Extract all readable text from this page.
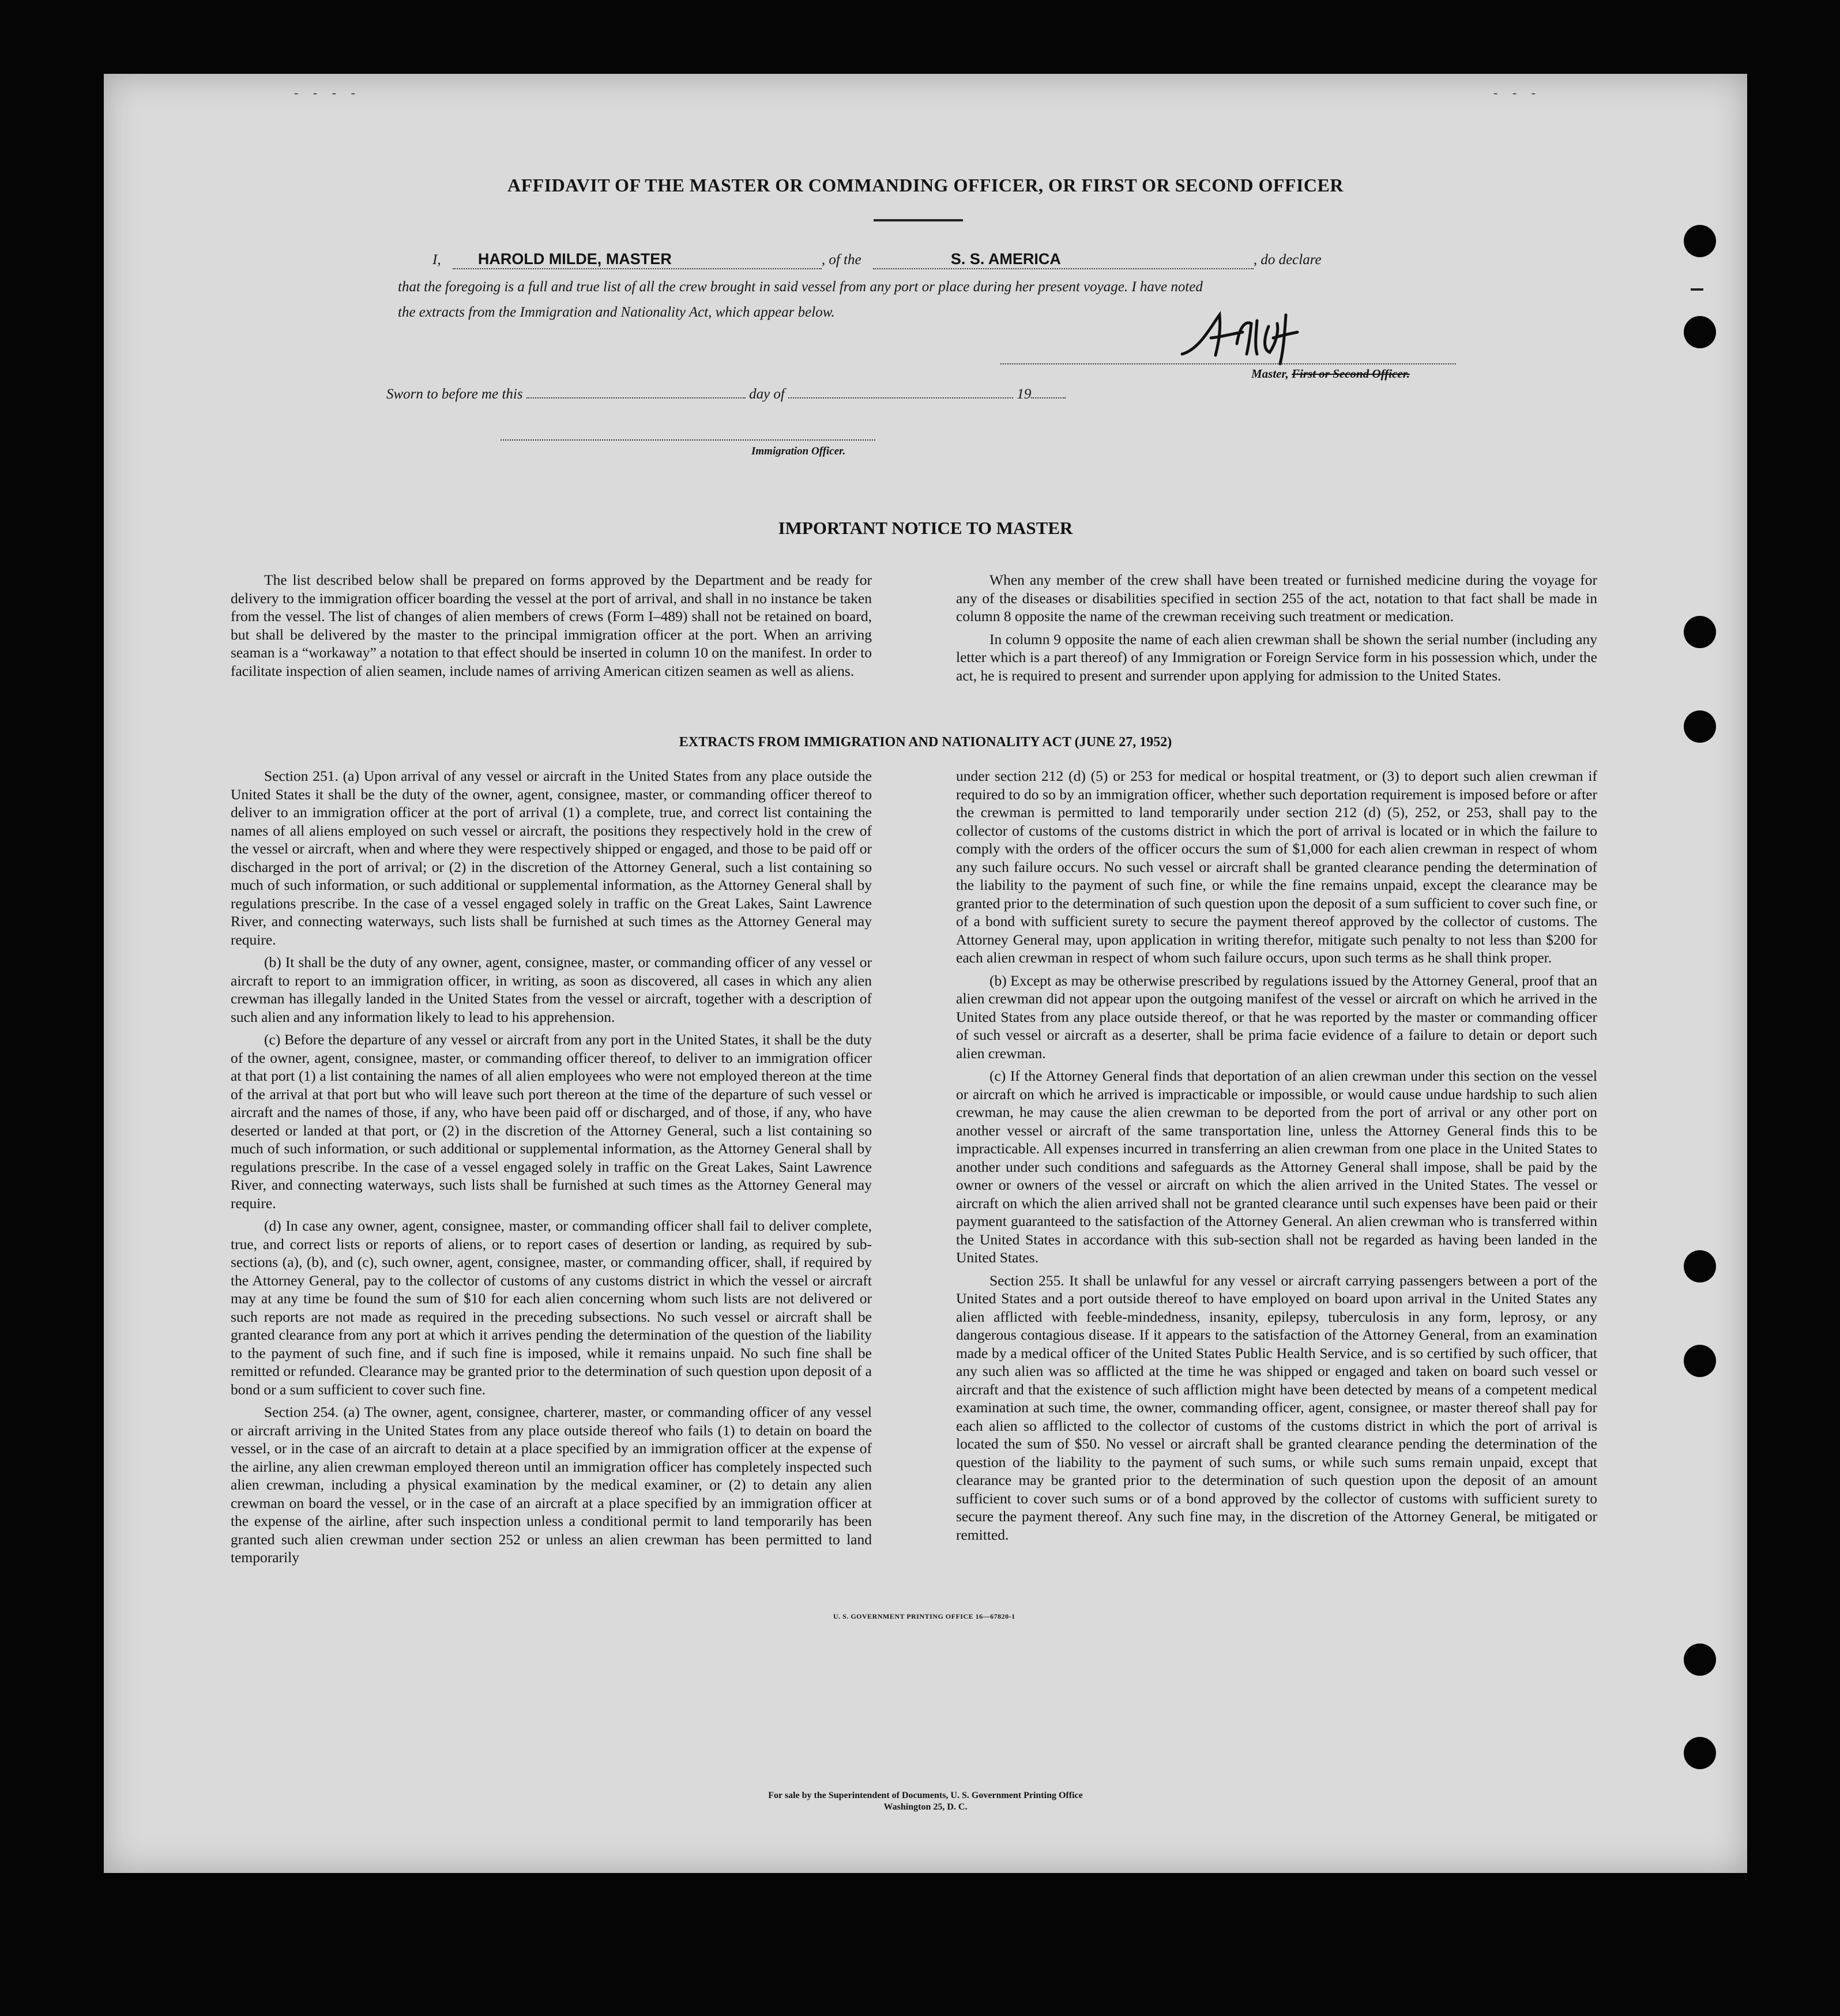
- - - -	- - -
AFFIDAVIT OF THE MASTER OR COMMANDING OFFICER, OR FIRST OR SECOND OFFICER
I, HAROLD MILDE, MASTER	, of the	S. S. AMERICA	, do declare
that the foregoing is a full and true list of all the crew brought in said vessel from any port or place during her present voyage. I have noted
the extracts from the Immigration and Nationality Act, which appear below.
Master, First or Second Officer.
Sworn to before me this	day of	19
Immigration Officer.
IMPORTANT NOTICE TO MASTER

The list described below shall be prepared on forms approved by the Department and be ready for delivery to the immigration officer boarding the vessel at the port of arrival, and shall in no instance be taken from the vessel. The list of changes of alien members of crews (Form I–489) shall not be retained on board, but shall be delivered by the master to the principal immigration officer at the port. When an arriving seaman is a “workaway” a notation to that effect should be inserted in column 10 on the manifest. In order to facilitate inspection of alien seamen, include names of arriving American citizen seamen as well as aliens.

When any member of the crew shall have been treated or furnished medicine during the voyage for any of the diseases or disabilities specified in section 255 of the act, notation to that fact shall be made in column 8 opposite the name of the crewman receiving such treatment or medication.

In column 9 opposite the name of each alien crewman shall be shown the serial number (including any letter which is a part thereof) of any Immigration or Foreign Service form in his possession which, under the act, he is required to present and surrender upon applying for admission to the United States.

EXTRACTS FROM IMMIGRATION AND NATIONALITY ACT (JUNE 27, 1952)

Section 251. (a) Upon arrival of any vessel or aircraft in the United States from any place outside the United States it shall be the duty of the owner, agent, consignee, master, or commanding officer thereof to deliver to an immigration officer at the port of arrival (1) a complete, true, and correct list containing the names of all aliens employed on such vessel or aircraft, the positions they respectively hold in the crew of the vessel or aircraft, when and where they were respectively shipped or engaged, and those to be paid off or discharged in the port of arrival; or (2) in the discretion of the Attorney General, such a list containing so much of such information, or such additional or supplemental information, as the Attorney General shall by regulations prescribe. In the case of a vessel engaged solely in traffic on the Great Lakes, Saint Lawrence River, and connecting waterways, such lists shall be furnished at such times as the Attorney General may require.

(b) It shall be the duty of any owner, agent, consignee, master, or commanding officer of any vessel or aircraft to report to an immigration officer, in writing, as soon as discovered, all cases in which any alien crewman has illegally landed in the United States from the vessel or aircraft, together with a description of such alien and any information likely to lead to his apprehension.

(c) Before the departure of any vessel or aircraft from any port in the United States, it shall be the duty of the owner, agent, consignee, master, or commanding officer thereof, to deliver to an immigration officer at that port (1) a list containing the names of all alien employees who were not employed thereon at the time of the arrival at that port but who will leave such port thereon at the time of the departure of such vessel or aircraft and the names of those, if any, who have been paid off or discharged, and of those, if any, who have deserted or landed at that port, or (2) in the discretion of the Attorney General, such a list containing so much of such information, or such additional or supplemental information, as the Attorney General shall by regulations prescribe. In the case of a vessel engaged solely in traffic on the Great Lakes, Saint Lawrence River, and connecting waterways, such lists shall be furnished at such times as the Attorney General may require.

(d) In case any owner, agent, consignee, master, or commanding officer shall fail to deliver complete, true, and correct lists or reports of aliens, or to report cases of desertion or landing, as required by sub-sections (a), (b), and (c), such owner, agent, consignee, master, or commanding officer, shall, if required by the Attorney General, pay to the collector of customs of any customs district in which the vessel or aircraft may at any time be found the sum of $10 for each alien concerning whom such lists are not delivered or such reports are not made as required in the preceding subsections. No such vessel or aircraft shall be granted clearance from any port at which it arrives pending the determination of the question of the liability to the payment of such fine, and if such fine is imposed, while it remains unpaid. No such fine shall be remitted or refunded. Clearance may be granted prior to the determination of such question upon deposit of a bond or a sum sufficient to cover such fine.

Section 254. (a) The owner, agent, consignee, charterer, master, or commanding officer of any vessel or aircraft arriving in the United States from any place outside thereof who fails (1) to detain on board the vessel, or in the case of an aircraft to detain at a place specified by an immigration officer at the expense of the airline, any alien crewman employed thereon until an immigration officer has completely inspected such alien crewman, including a physical examination by the medical examiner, or (2) to detain any alien crewman on board the vessel, or in the case of an aircraft at a place specified by an immigration officer at the expense of the airline, after such inspection unless a conditional permit to land temporarily has been granted such alien crewman under section 252 or unless an alien crewman has been permitted to land temporarily

under section 212 (d) (5) or 253 for medical or hospital treatment, or (3) to deport such alien crewman if required to do so by an immigration officer, whether such deportation requirement is imposed before or after the crewman is permitted to land temporarily under section 212 (d) (5), 252, or 253, shall pay to the collector of customs of the customs district in which the port of arrival is located or in which the failure to comply with the orders of the officer occurs the sum of $1,000 for each alien crewman in respect of whom any such failure occurs. No such vessel or aircraft shall be granted clearance pending the determination of the liability to the payment of such fine, or while the fine remains unpaid, except the clearance may be granted prior to the determination of such question upon the deposit of a sum sufficient to cover such fine, or of a bond with sufficient surety to secure the payment thereof approved by the collector of customs. The Attorney General may, upon application in writing therefor, mitigate such penalty to not less than $200 for each alien crewman in respect of whom such failure occurs, upon such terms as he shall think proper.

(b) Except as may be otherwise prescribed by regulations issued by the Attorney General, proof that an alien crewman did not appear upon the outgoing manifest of the vessel or aircraft on which he arrived in the United States from any place outside thereof, or that he was reported by the master or commanding officer of such vessel or aircraft as a deserter, shall be prima facie evidence of a failure to detain or deport such alien crewman.

(c) If the Attorney General finds that deportation of an alien crewman under this section on the vessel or aircraft on which he arrived is impracticable or impossible, or would cause undue hardship to such alien crewman, he may cause the alien crewman to be deported from the port of arrival or any other port on another vessel or aircraft of the same transportation line, unless the Attorney General finds this to be impracticable. All expenses incurred in transferring an alien crewman from one place in the United States to another under such conditions and safeguards as the Attorney General shall impose, shall be paid by the owner or owners of the vessel or aircraft on which the alien arrived in the United States. The vessel or aircraft on which the alien arrived shall not be granted clearance until such expenses have been paid or their payment guaranteed to the satisfaction of the Attorney General. An alien crewman who is transferred within the United States in accordance with this sub-section shall not be regarded as having been landed in the United States.

Section 255. It shall be unlawful for any vessel or aircraft carrying passengers between a port of the United States and a port outside thereof to have employed on board upon arrival in the United States any alien afflicted with feeble-mindedness, insanity, epilepsy, tuberculosis in any form, leprosy, or any dangerous contagious disease. If it appears to the satisfaction of the Attorney General, from an examination made by a medical officer of the United States Public Health Service, and is so certified by such officer, that any such alien was so afflicted at the time he was shipped or engaged and taken on board such vessel or aircraft and that the existence of such affliction might have been detected by means of a competent medical examination at such time, the owner, commanding officer, agent, consignee, or master thereof shall pay for each alien so afflicted to the collector of customs of the customs district in which the port of arrival is located the sum of $50. No vessel or aircraft shall be granted clearance pending the determination of the question of the liability to the payment of such sums, or while such sums remain unpaid, except that clearance may be granted prior to the determination of such question upon the deposit of an amount sufficient to cover such sums or of a bond approved by the collector of customs with sufficient surety to secure the payment thereof. Any such fine may, in the discretion of the Attorney General, be mitigated or remitted.

U. S. GOVERNMENT PRINTING OFFICE 16—67820-1
For sale by the Superintendent of Documents, U. S. Government Printing Office
Washington 25, D. C.
